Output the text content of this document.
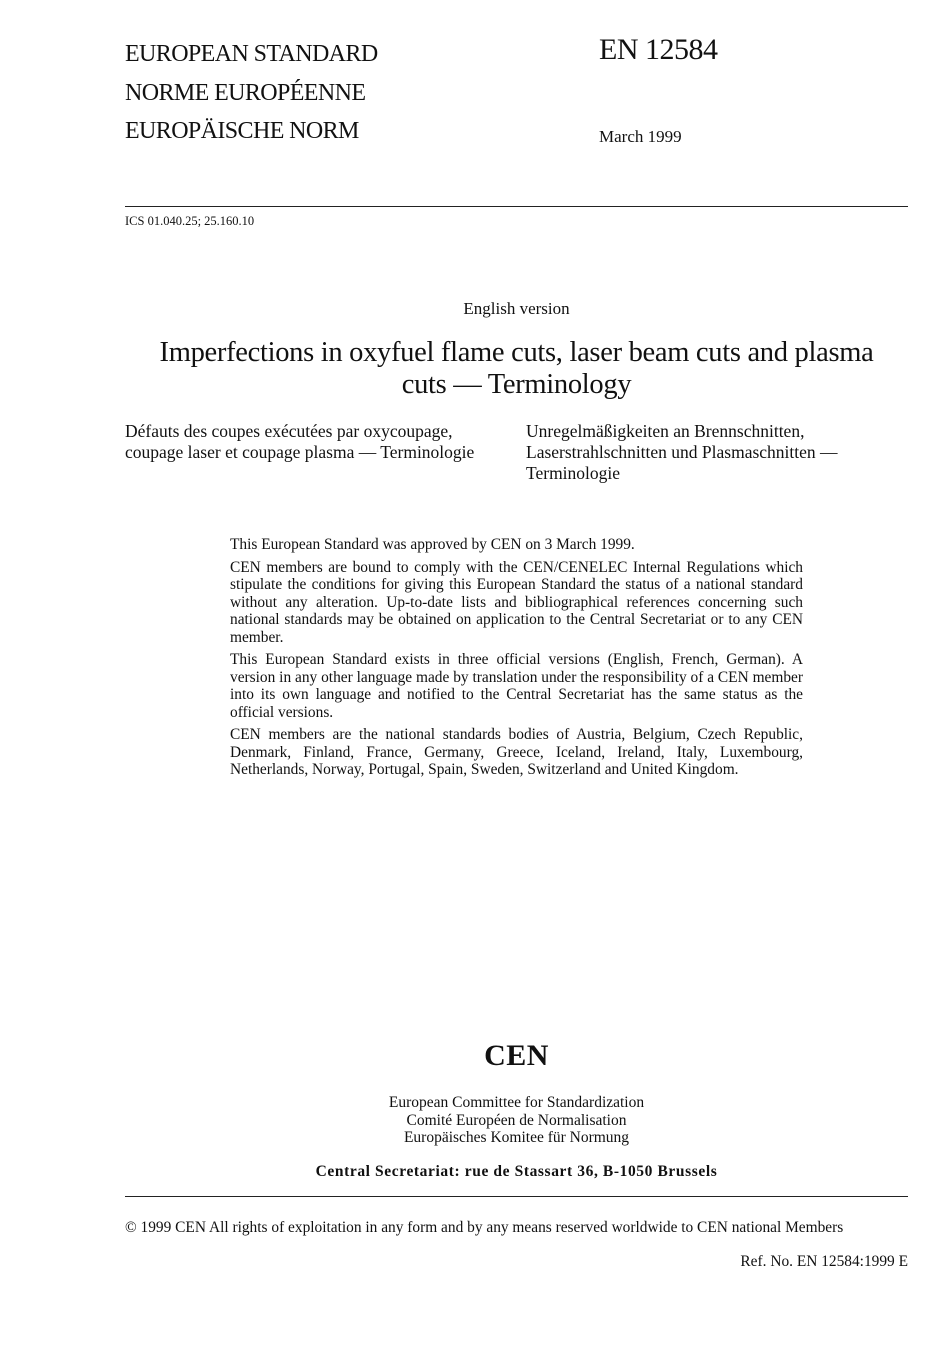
EUROPEAN STANDARD
NORME EUROPÉENNE
EUROPÄISCHE NORM
EN 12584
March 1999
ICS 01.040.25; 25.160.10
English version
Imperfections in oxyfuel flame cuts, laser beam cuts and plasma cuts — Terminology
Défauts des coupes exécutées par oxycoupage, coupage laser et coupage plasma — Terminologie
Unregelmäßigkeiten an Brennschnitten, Laserstrahlschnitten und Plasmaschnitten — Terminologie

This European Standard was approved by CEN on 3 March 1999.

CEN members are bound to comply with the CEN/CENELEC Internal Regulations which stipulate the conditions for giving this European Standard the status of a national standard without any alteration. Up-to-date lists and bibliographical references concerning such national standards may be obtained on application to the Central Secretariat or to any CEN member.

This European Standard exists in three official versions (English, French, German). A version in any other language made by translation under the responsibility of a CEN member into its own language and notified to the Central Secretariat has the same status as the official versions.

CEN members are the national standards bodies of Austria, Belgium, Czech Republic, Denmark, Finland, France, Germany, Greece, Iceland, Ireland, Italy, Luxembourg, Netherlands, Norway, Portugal, Spain, Sweden, Switzerland and United Kingdom.

CEN
European Committee for Standardization
Comité Européen de Normalisation
Europäisches Komitee für Normung
Central Secretariat: rue de Stassart 36, B-1050 Brussels
© 1999 CEN All rights of exploitation in any form and by any means reserved worldwide to CEN national Members
Ref. No. EN 12584:1999 E
